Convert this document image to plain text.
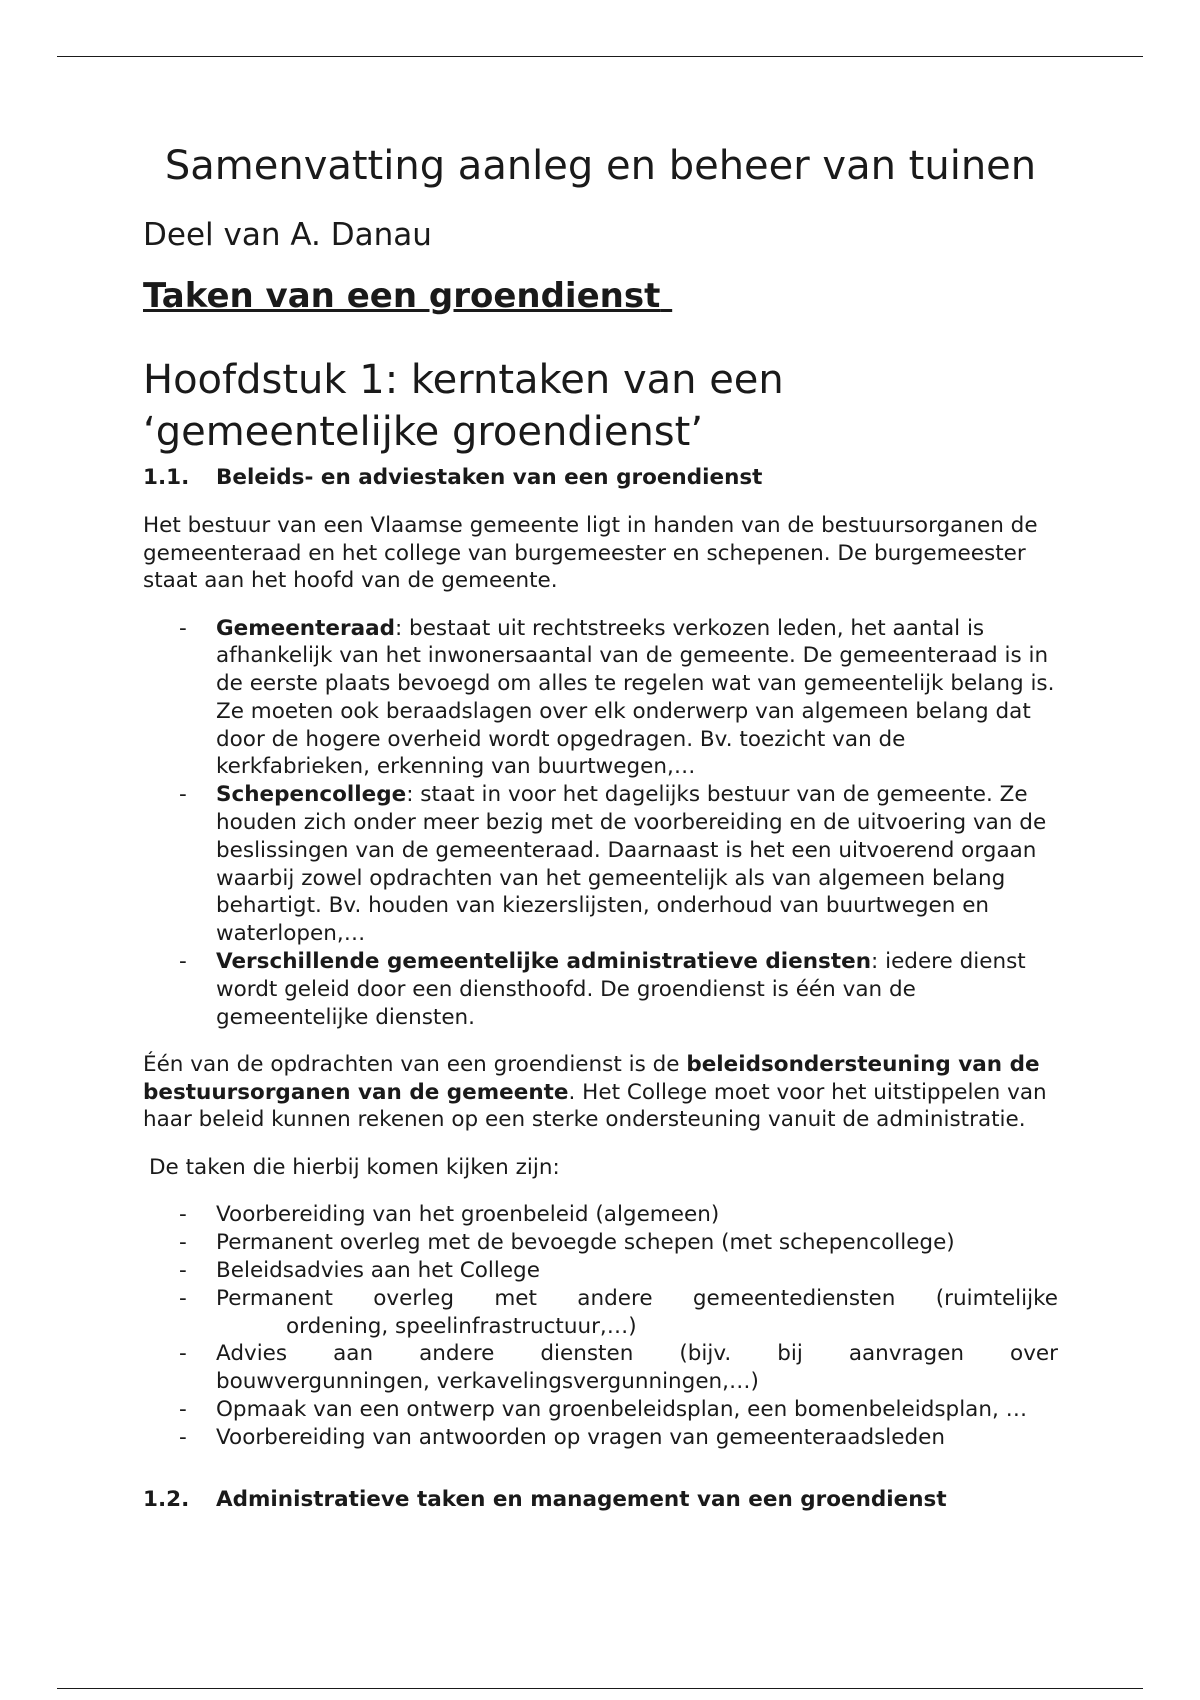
Samenvatting aanleg en beheer van tuinen
Deel van A. Danau
Taken van een groendienst
Hoofdstuk 1: kerntaken van een
‘gemeentelijke groendienst’
1.1.	Beleids- en adviestaken van een groendienst

Het bestuur van een Vlaamse gemeente ligt in handen van de bestuursorganen de gemeenteraad en het college van burgemeester en schepenen. De burgemeester staat aan het hoofd van de gemeente.

- Gemeenteraad: bestaat uit rechtstreeks verkozen leden, het aantal is afhankelijk van het inwonersaantal van de gemeente. De gemeenteraad is in de eerste plaats bevoegd om alles te regelen wat van gemeentelijk belang is. Ze moeten ook beraadslagen over elk onderwerp van algemeen belang dat door de hogere overheid wordt opgedragen. Bv. toezicht van de kerkfabrieken, erkenning van buurtwegen,…
- Schepencollege: staat in voor het dagelijks bestuur van de gemeente. Ze houden zich onder meer bezig met de voorbereiding en de uitvoering van de beslissingen van de gemeenteraad. Daarnaast is het een uitvoerend orgaan waarbij zowel opdrachten van het gemeentelijk als van algemeen belang behartigt. Bv. houden van kiezerslijsten, onderhoud van buurtwegen en waterlopen,…
- Verschillende gemeentelijke administratieve diensten: iedere dienst wordt geleid door een diensthoofd. De groendienst is één van de gemeentelijke diensten.

Één van de opdrachten van een groendienst is de beleidsondersteuning van de bestuursorganen van de gemeente. Het College moet voor het uitstippelen van haar beleid kunnen rekenen op een sterke ondersteuning vanuit de administratie.

De taken die hierbij komen kijken zijn:

- Voorbereiding van het groenbeleid (algemeen)
- Permanent overleg met de bevoegde schepen (met schepencollege)
- Beleidsadvies aan het College
- Permanent overleg met andere gemeentediensten (ruimtelijke
ordening, speelinfrastructuur,…)
- Advies aan andere diensten (bijv. bij aanvragen over
bouwvergunningen, verkavelingsvergunningen,…)
- Opmaak van een ontwerp van groenbeleidsplan, een bomenbeleidsplan, …
- Voorbereiding van antwoorden op vragen van gemeenteraadsleden
1.2.	Administratieve taken en management van een groendienst
